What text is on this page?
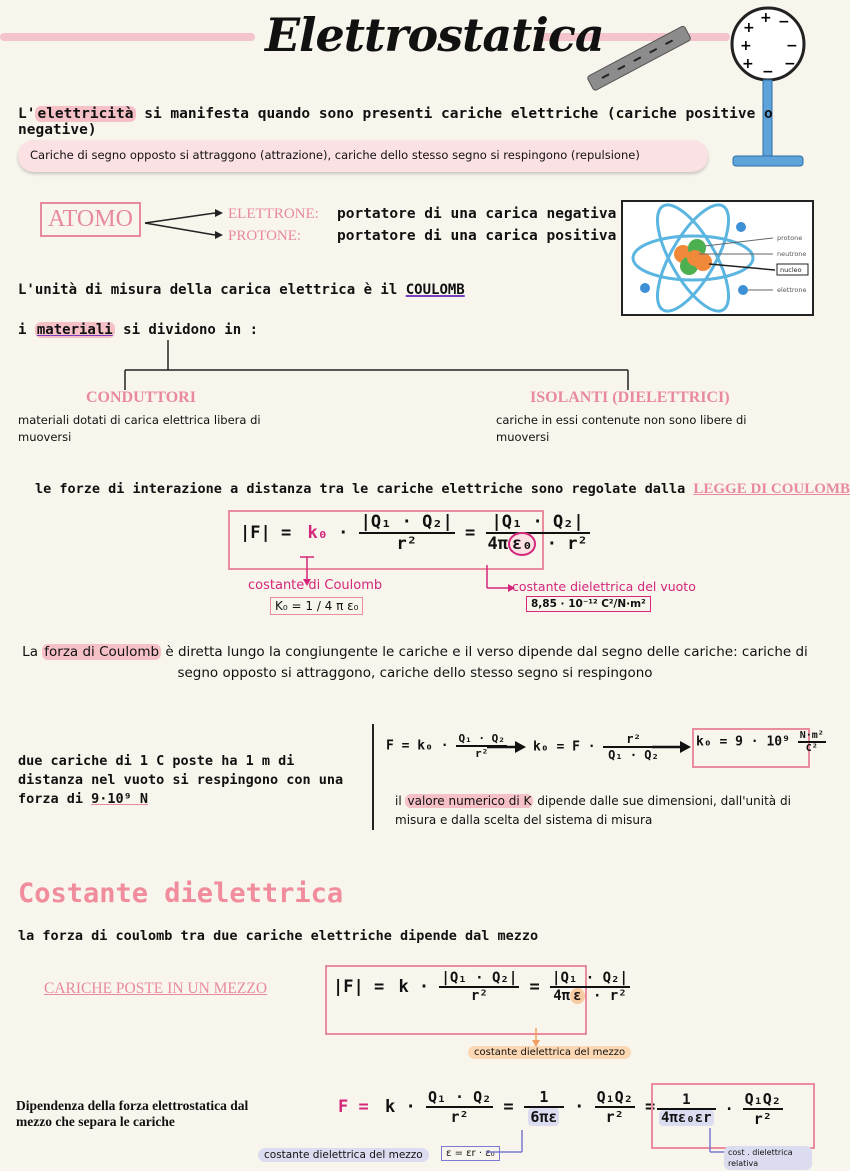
Elettrostatica	+
+ −
+ −
+ − −
L' elettricità si manifesta quando sono presenti cariche elettriche (cariche positive o negative)
Cariche di segno opposto si attraggono (attrazione), cariche dello stesso segno si respingono (repulsione)
ATOMO	ELETTRONE: portatore di una carica negativa
PROTONE: portatore di una carica positiva	protone
neutrone
nucleo
elettrone
L'unità di misura della carica elettrica è il COULOMB
i materiali si dividono in :
CONDUTTORI
materiali dotati di carica elettrica libera di muoversi
ISOLANTI (DIELETTRICI)
cariche in essi contenute non sono libere di muoversi
le forze di interazione a distanza tra le cariche elettriche sono regolate dalla LEGGE DI COULOMB
$|F| = k_0 \cdot \frac{\text{|Q₁ · Q₂|}}{\text{r²}} = \frac{\text{|Q₁ · Q₂|}}{\text{4π ε₀ · r²}}$
costante di Coulomb
K₀ = 1 / 4 π ε₀
costante dielettrica del vuoto
8,85 · 10⁻¹² C²/N·m²
La forza di Coulomb è diretta lungo la congiungente le cariche e il verso dipende dal segno delle cariche: cariche di segno opposto si attraggono, cariche dello stesso segno si respingono
due cariche di 1 C poste ha 1 m di distanza nel vuoto si respingono con una forza di 9·10⁹ N
$F = k_0 \cdot \frac{\text{Q₁ · Q₂}}{\text{r²}} k_0 = F \cdot \frac{\text{r²}}{\text{Q₁ · Q₂}}$	$k_0 = 9 \cdot 10^9 \frac{\text{N·m²}}{\text{C²}}$
il valore numerico di K dipende dalle sue dimensioni, dall'unità di misura e dalla scelta del sistema di misura
Costante dielettrica
la forza di coulomb tra due cariche elettriche dipende dal mezzo
CARICHE POSTE IN UN MEZZO	$|F| = k \cdot \frac{\text{|Q₁ · Q₂|}}{\text{r²}} = \frac{\text{|Q₁ · Q₂|}}{\text{4π ε · r²}}$
costante dielettrica del mezzo
Dipendenza della forza elettrostatica dal mezzo che separa le cariche
$F = k \cdot \frac{\text{Q₁ · Q₂}}{\text{r²}} = \frac{1}{6\pi\varepsilon} \cdot \frac{\text{Q₁Q₂}}{\text{r²}} = \frac{1}{\text{4πε₀εr}} \cdot \frac{\text{Q₁Q₂}}{\text{r²}}$
costante dielettrica del mezzo	ε = εr · ε₀	cost . dielettrica relativa
